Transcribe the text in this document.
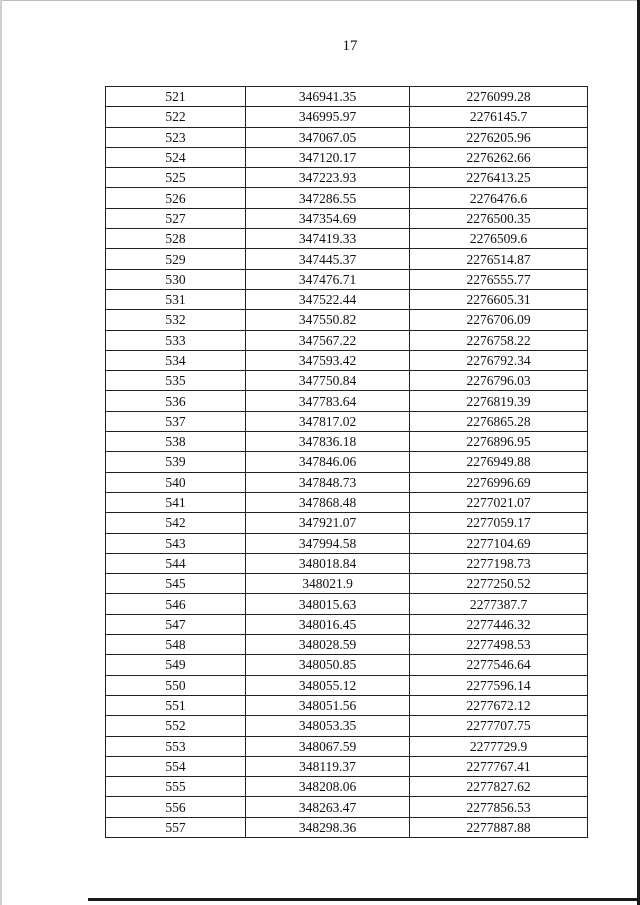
17
521	346941.35	2276099.28
522	346995.97	2276145.7
523	347067.05	2276205.96
524	347120.17	2276262.66
525	347223.93	2276413.25
526	347286.55	2276476.6
527	347354.69	2276500.35
528	347419.33	2276509.6
529	347445.37	2276514.87
530	347476.71	2276555.77
531	347522.44	2276605.31
532	347550.82	2276706.09
533	347567.22	2276758.22
534	347593.42	2276792.34
535	347750.84	2276796.03
536	347783.64	2276819.39
537	347817.02	2276865.28
538	347836.18	2276896.95
539	347846.06	2276949.88
540	347848.73	2276996.69
541	347868.48	2277021.07
542	347921.07	2277059.17
543	347994.58	2277104.69
544	348018.84	2277198.73
545	348021.9	2277250.52
546	348015.63	2277387.7
547	348016.45	2277446.32
548	348028.59	2277498.53
549	348050.85	2277546.64
550	348055.12	2277596.14
551	348051.56	2277672.12
552	348053.35	2277707.75
553	348067.59	2277729.9
554	348119.37	2277767.41
555	348208.06	2277827.62
556	348263.47	2277856.53
557	348298.36	2277887.88
